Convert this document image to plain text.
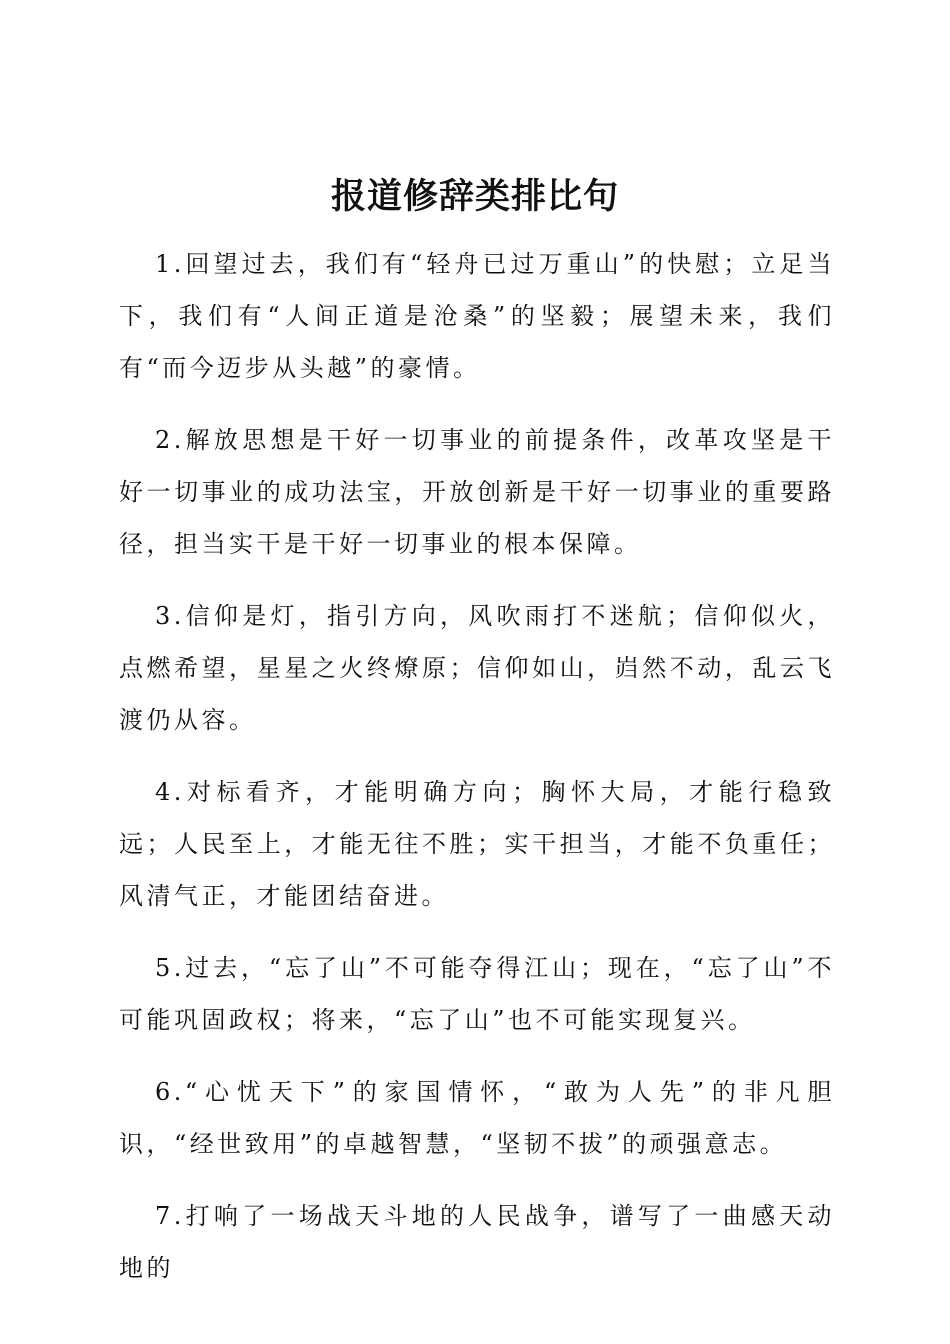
报道修辞类排比句

1.回望过去，我们有“轻舟已过万重山”的快慰；立足当下，我们有“人间正道是沧桑”的坚毅；展望未来，我们有“而今迈步从头越”的豪情。

2.解放思想是干好一切事业的前提条件，改革攻坚是干好一切事业的成功法宝，开放创新是干好一切事业的重要路径，担当实干是干好一切事业的根本保障。

3.信仰是灯，指引方向，风吹雨打不迷航；信仰似火，点燃希望，星星之火终燎原；信仰如山，岿然不动，乱云飞渡仍从容。

4.对标看齐，才能明确方向；胸怀大局，才能行稳致远；人民至上，才能无往不胜；实干担当，才能不负重任；风清气正，才能团结奋进。

5.过去，“忘了山”不可能夺得江山；现在，“忘了山”不可能巩固政权；将来，“忘了山”也不可能实现复兴。

6.“心忧天下”的家国情怀，“敢为人先”的非凡胆识，“经世致用”的卓越智慧，“坚韧不拔”的顽强意志。

7.打响了一场战天斗地的人民战争，谱写了一曲感天动地的
